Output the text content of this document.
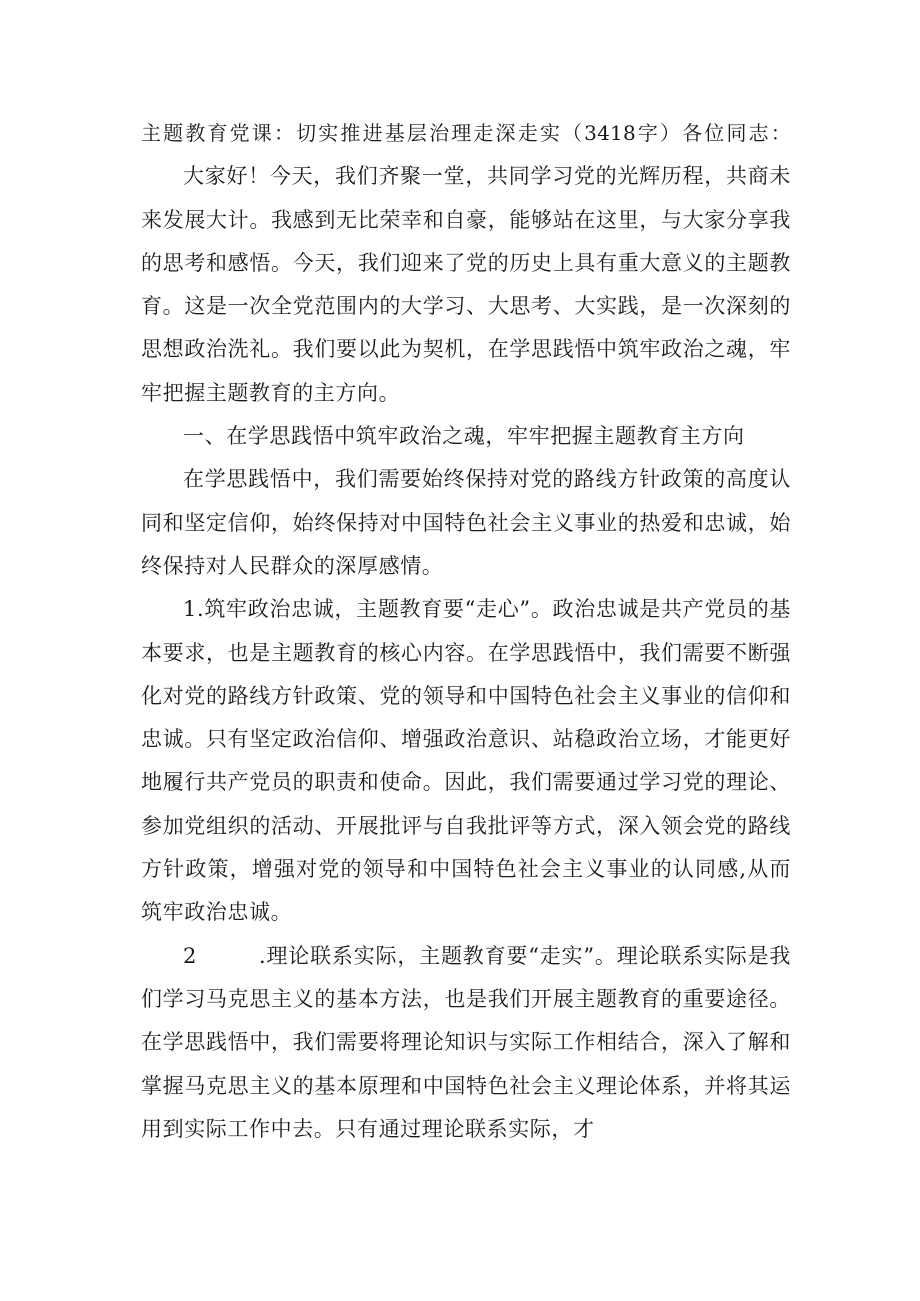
主题教育党课：切实推进基层治理走深走实（3418字）各位同志：

大家好！今天，我们齐聚一堂，共同学习党的光辉历程，共商未来发展大计。我感到无比荣幸和自豪，能够站在这里，与大家分享我的思考和感悟。今天，我们迎来了党的历史上具有重大意义的主题教育。这是一次全党范围内的大学习、大思考、大实践，是一次深刻的思想政治洗礼。我们要以此为契机，在学思践悟中筑牢政治之魂，牢牢把握主题教育的主方向。

一、在学思践悟中筑牢政治之魂，牢牢把握主题教育主方向

在学思践悟中，我们需要始终保持对党的路线方针政策的高度认同和坚定信仰，始终保持对中国特色社会主义事业的热爱和忠诚，始终保持对人民群众的深厚感情。

1.筑牢政治忠诚，主题教育要“走心”。政治忠诚是共产党员的基本要求，也是主题教育的核心内容。在学思践悟中，我们需要不断强化对党的路线方针政策、党的领导和中国特色社会主义事业的信仰和忠诚。只有坚定政治信仰、增强政治意识、站稳政治立场，才能更好地履行共产党员的职责和使命。因此，我们需要通过学习党的理论、参加党组织的活动、开展批评与自我批评等方式，深入领会党的路线方针政策，增强对党的领导和中国特色社会主义事业的认同感,从而筑牢政治忠诚。

2	.理论联系实际，主题教育要“走实”。理论联系实际是我们学习马克思主义的基本方法，也是我们开展主题教育的重要途径。在学思践悟中，我们需要将理论知识与实际工作相结合，深入了解和掌握马克思主义的基本原理和中国特色社会主义理论体系，并将其运用到实际工作中去。只有通过理论联系实际，才
